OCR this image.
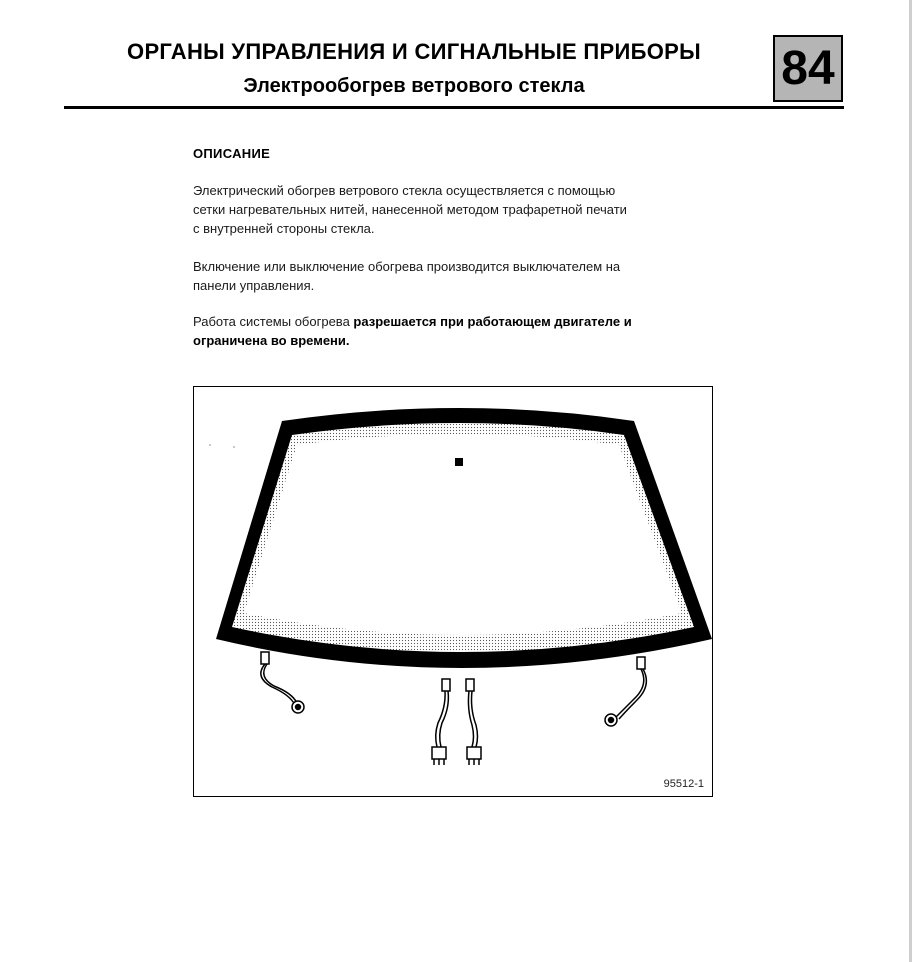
ОРГАНЫ УПРАВЛЕНИЯ И СИГНАЛЬНЫЕ ПРИБОРЫ
Электрообогрев ветрового стекла	84
ОПИСАНИЕ
Электрический обогрев ветрового стекла осуществляется с помощью
сетки нагревательных нитей, нанесенной методом трафаретной печати
с внутренней стороны стекла.
Включение или выключение обогрева производится выключателем на
панели управления.
Работа системы обогрева разрешается при работающем двигателе и
ограничена во времени.
95512-1
